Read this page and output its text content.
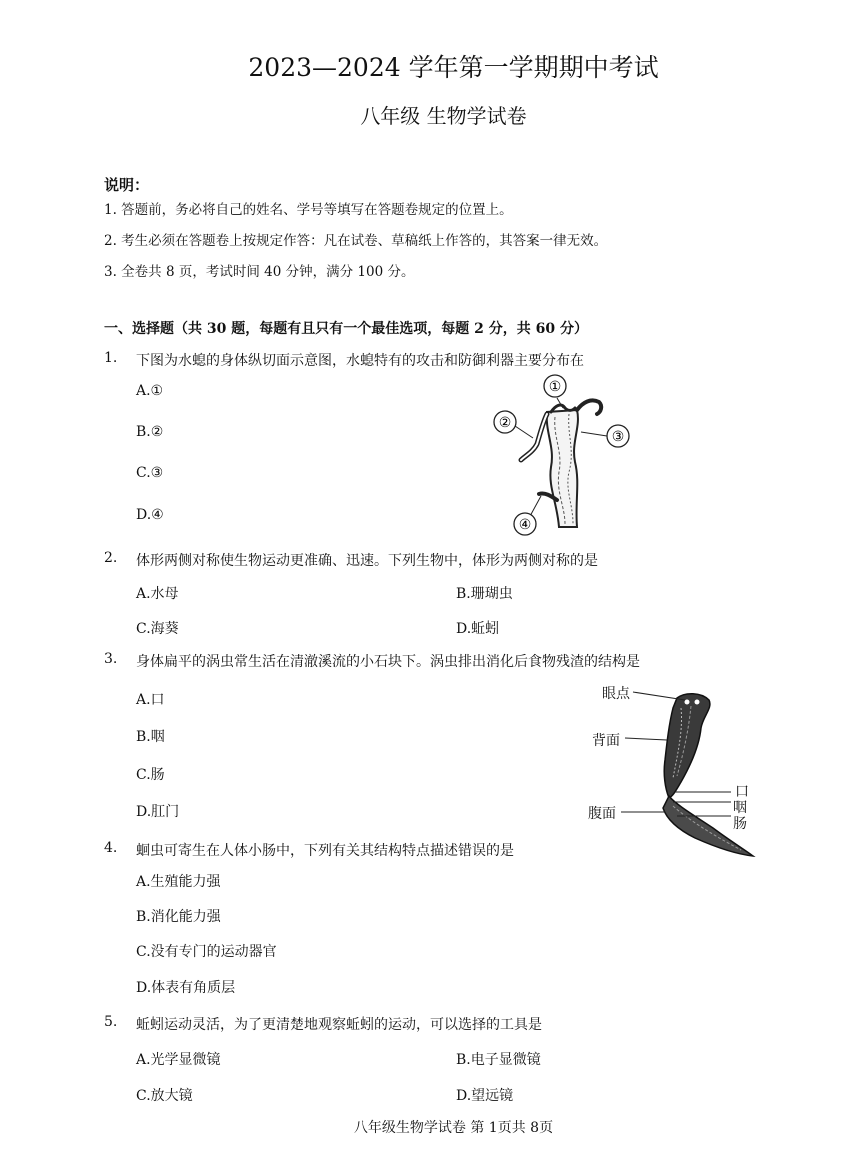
2023—2024 学年第一学期期中考试
八年级 生物学试卷
说明：
1. 答题前，务必将自己的姓名、学号等填写在答题卷规定的位置上。
2. 考生必须在答题卷上按规定作答：凡在试卷、草稿纸上作答的，其答案一律无效。
3. 全卷共 8 页，考试时间 40 分钟，满分 100 分。
一、选择题（共 30 题，每题有且只有一个最佳选项，每题 2 分，共 60 分）
1. 下图为水螅的身体纵切面示意图，水螅特有的攻击和防御利器主要分布在
A.①
B.②
C.③
D.④
①
②
③
④
2. 体形两侧对称使生物运动更准确、迅速。下列生物中，体形为两侧对称的是
A.水母	B.珊瑚虫
C.海葵	D.蚯蚓
3. 身体扁平的涡虫常生活在清澈溪流的小石块下。涡虫排出消化后食物残渣的结构是
A.口
B.咽
C.肠
D.肛门
眼点
背面
腹面
口
咽
肠
4. 蛔虫可寄生在人体小肠中，下列有关其结构特点描述错误的是
A.生殖能力强
B.消化能力强
C.没有专门的运动器官
D.体表有角质层
5. 蚯蚓运动灵活，为了更清楚地观察蚯蚓的运动，可以选择的工具是
A.光学显微镜	B.电子显微镜
C.放大镜	D.望远镜
八年级生物学试卷 第 1页共 8页
